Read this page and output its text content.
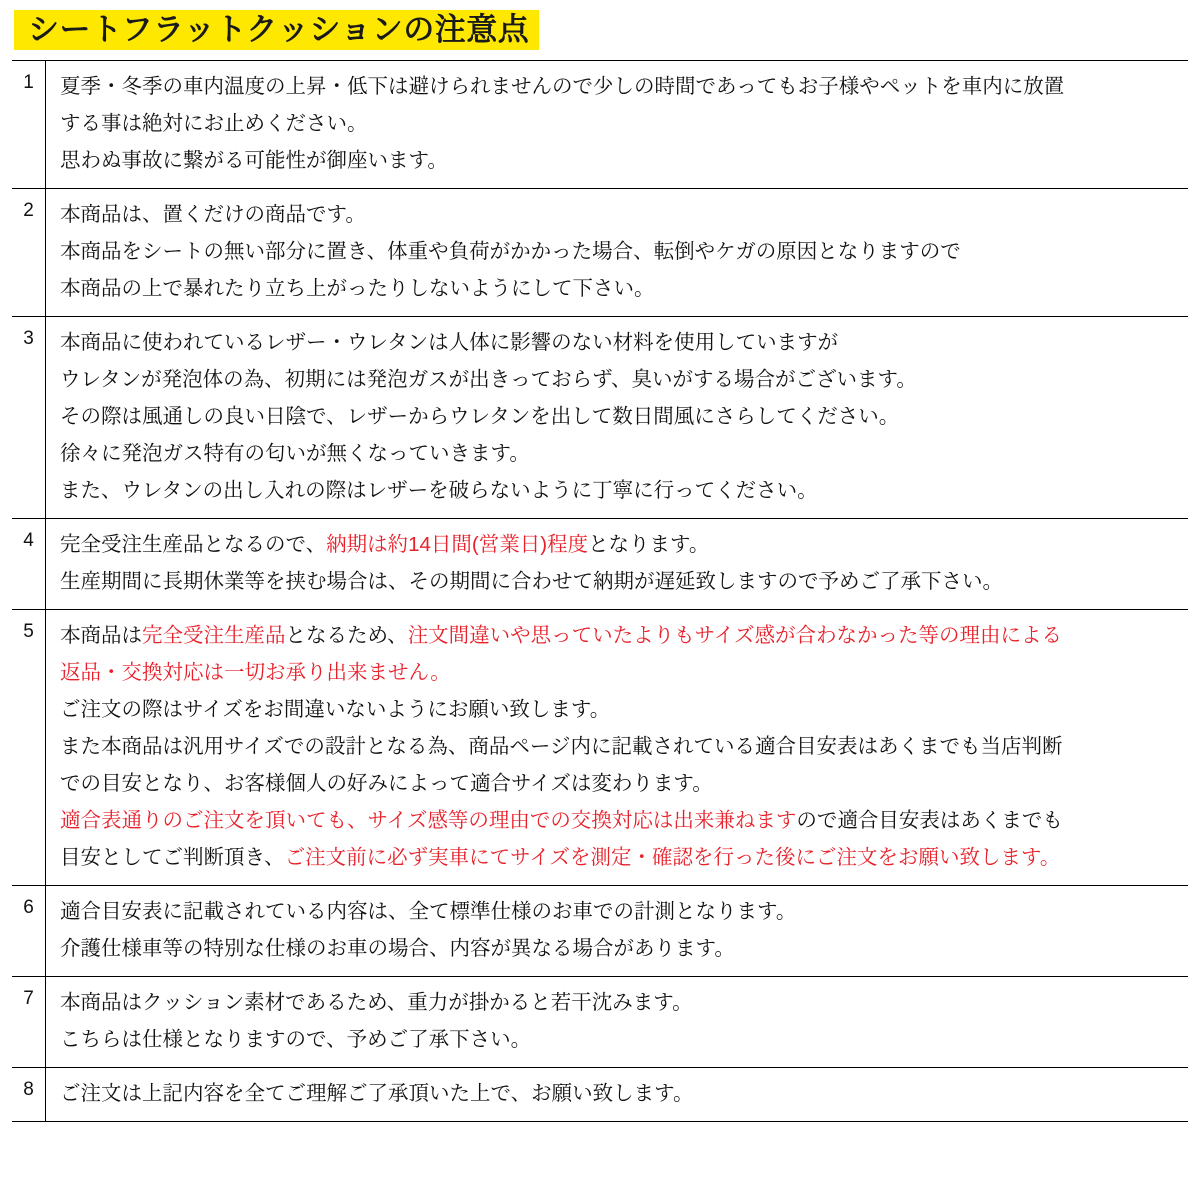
シートフラットクッションの注意点
1	夏季・冬季の車内温度の上昇・低下は避けられませんので少しの時間であってもお子様やペットを車内に放置
する事は絶対にお止めください。
思わぬ事故に繋がる可能性が御座います。

2	本商品は、置くだけの商品です。
本商品をシートの無い部分に置き、体重や負荷がかかった場合、転倒やケガの原因となりますので
本商品の上で暴れたり立ち上がったりしないようにして下さい。

3	本商品に使われているレザー・ウレタンは人体に影響のない材料を使用していますが
ウレタンが発泡体の為、初期には発泡ガスが出きっておらず、臭いがする場合がございます。
その際は風通しの良い日陰で、レザーからウレタンを出して数日間風にさらしてください。
徐々に発泡ガス特有の匂いが無くなっていきます。
また、ウレタンの出し入れの際はレザーを破らないように丁寧に行ってください。

4	完全受注生産品となるので、納期は約14日間(営業日)程度となります。
生産期間に長期休業等を挟む場合は、その期間に合わせて納期が遅延致しますので予めご了承下さい。

5	本商品は完全受注生産品となるため、注文間違いや思っていたよりもサイズ感が合わなかった等の理由による
返品・交換対応は一切お承り出来ません。
ご注文の際はサイズをお間違いないようにお願い致します。
また本商品は汎用サイズでの設計となる為、商品ページ内に記載されている適合目安表はあくまでも当店判断
での目安となり、お客様個人の好みによって適合サイズは変わります。
適合表通りのご注文を頂いても、サイズ感等の理由での交換対応は出来兼ねますので適合目安表はあくまでも
目安としてご判断頂き、ご注文前に必ず実車にてサイズを測定・確認を行った後にご注文をお願い致します。

6	適合目安表に記載されている内容は、全て標準仕様のお車での計測となります。
介護仕様車等の特別な仕様のお車の場合、内容が異なる場合があります。

7	本商品はクッション素材であるため、重力が掛かると若干沈みます。
こちらは仕様となりますので、予めご了承下さい。

8	ご注文は上記内容を全てご理解ご了承頂いた上で、お願い致します。
